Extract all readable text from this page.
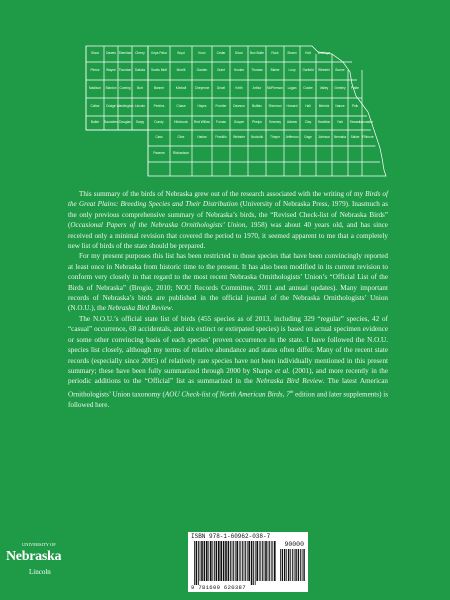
Sioux Dawes Sheridan Cherry Keya Paha	Boyd	Knox	Cedar	Dixon Box Butte Rock	Brown	Holt Antelope
Pierce Wayne Thurston Dakota Scotts Bluff	Morrill	Garden	Grant	Hooker Thomas Blaine	Loup Garfield Wheeler Boone
Madison Stanton Cuming Burt	Banner	Kimball	Cheyenne Deuel	Keith	Arthur McPherson Logan Custer Valley Greeley Platte
Colfax Dodge Washington Lincoln	Perkins	Chase	Hayes	Frontier Dawson Buffalo Sherman Howard Hall	Merrick Nance Polk
Butler Saunders Douglas Sarpy	Dundy	Hitchcock Red Willow Furnas Gosper Phelps Kearney Adams Clay Hamilton York Seward
Lancaster
Cass	Otoe	Harlan	Franklin Webster Nuckolls Thayer Jefferson Gage Johnson Nemaha Saline Fillmore
Pawnee	Richardson

This summary of the birds of Nebraska grew out of the research associated with the writing of my Birds of the Great Plains: Breeding Species and Their Distribution (University of Nebraska Press, 1979). Inasmuch as the only previous comprehensive summary of Nebraska’s birds, the “Revised Check-list of Nebraska Birds” (Occasional Papers of the Nebraska Ornithologists’ Union, 1958) was about 40 years old, and has since received only a minimal revision that covered the period to 1970, it seemed apparent to me that a completely new list of birds of the state should be prepared.

For my present purposes this list has been restricted to those species that have been convincingly reported at least once in Nebraska from historic time to the present. It has also been modified in its current revision to conform very closely in that regard to the most recent Nebraska Ornithologists’ Union’s “Official List of the Birds of Nebraska” (Brogie, 2010; NOU Records Committee, 2011 and annual updates). Many important records of Nebraska’s birds are published in the official journal of the Nebraska Ornithologists’ Union (N.O.U.), the Nebraska Bird Review.

The N.O.U.’s official state list of birds (455 species as of 2013, including 329 “regular” species, 42 of “casual” occurrence, 68 accidentals, and six extinct or extirpated species) is based on actual specimen evidence or some other convincing basis of each species’ proven occurrence in the state. I have followed the N.O.U. species list closely, although my terms of relative abundance and status often differ. Many of the recent state records (especially since 2005) of relatively rare species have not been individually mentioned in this present summary; these have been fully summarized through 2000 by Sharpe et al. (2001), and more recently in the periodic additions to the “Official” list as summarized in the Nebraska Bird Review. The latest American Ornithologists’ Union taxonomy (AOU Check-list of North American Birds, 7th edition and later supplements) is followed here.

UNIVERSITY OF
Nebraska
Lincoln
ISBN 978-1-60962-038-7
90000
9 781609 620387
